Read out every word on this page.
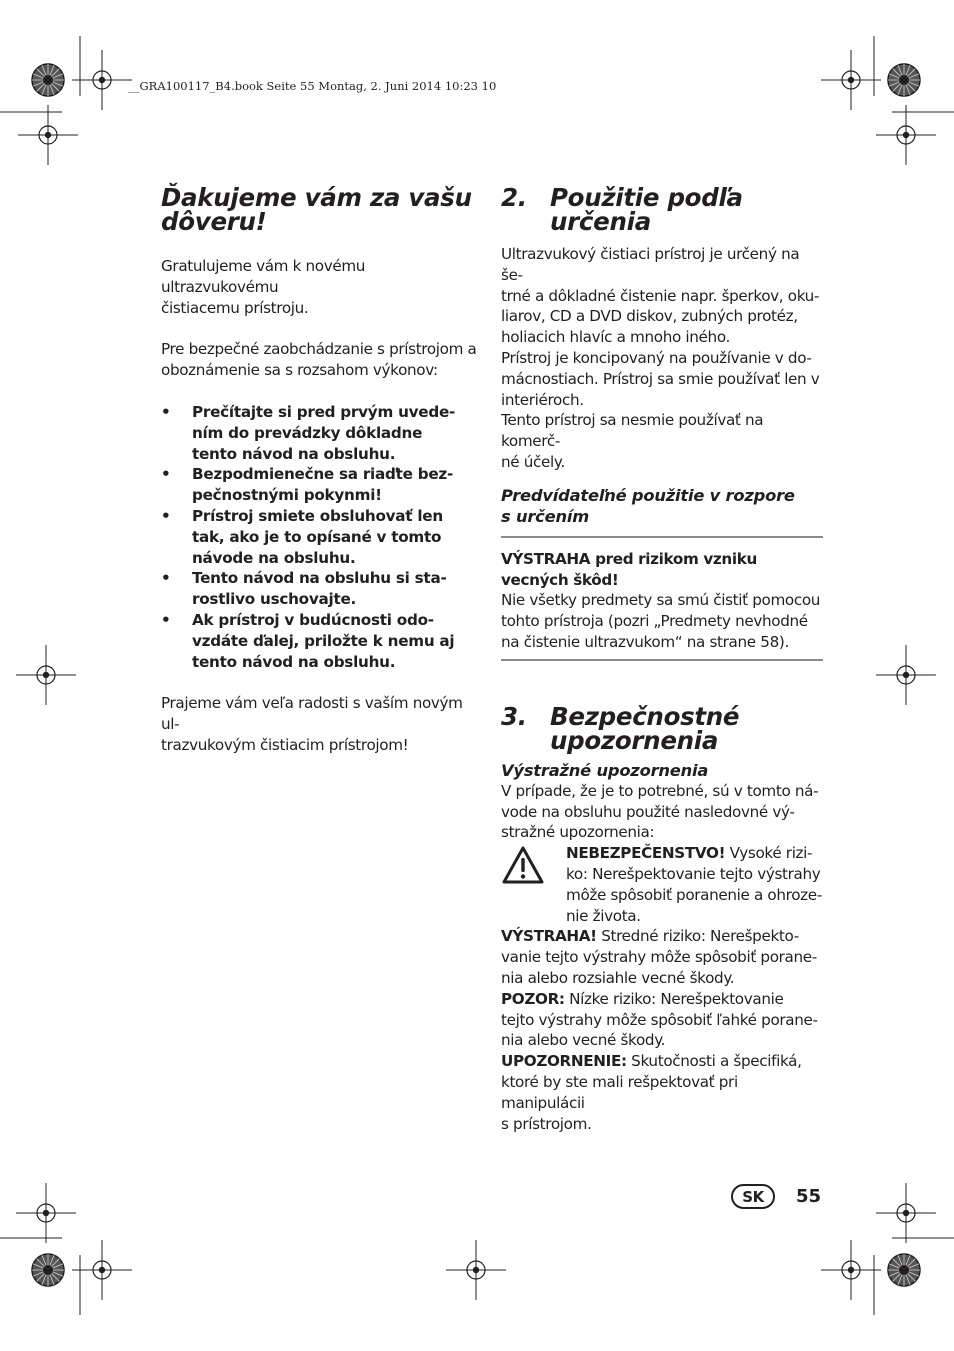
__GRA100117_B4.book Seite 55 Montag, 2. Juni 2014 10:23 10
Ďakujeme vám za vašu
dôveru!

Gratulujeme vám k novému ultrazvukovému
čistiacemu prístroju.

Pre bezpečné zaobchádzanie s prístrojom a
oboznámenie sa s rozsahom výkonov:

• Prečítajte si pred prvým uvede-
ním do prevádzky dôkladne
tento návod na obsluhu.
• Bezpodmienečne sa riaďte bez-
pečnostnými pokynmi!
• Prístroj smiete obsluhovať len
tak, ako je to opísané v tomto
návode na obsluhu.
• Tento návod na obsluhu si sta-
rostlivo uschovajte.
• Ak prístroj v budúcnosti odo-
vzdáte ďalej, priložte k nemu aj
tento návod na obsluhu.

Prajeme vám veľa radosti s vaším novým ul-
trazvukovým čistiacim prístrojom!

2. Použitie podľa
určenia

Ultrazvukový čistiaci prístroj je určený na še-
trné a dôkladné čistenie napr. šperkov, oku-
liarov, CD a DVD diskov, zubných protéz,
holiacich hlavíc a mnoho iného.
Prístroj je koncipovaný na používanie v do-
mácnostiach. Prístroj sa smie používať len v
interiéroch.
Tento prístroj sa nesmie používať na komerč-
né účely.

Predvídateľné použitie v rozpore
s určením

VÝSTRAHA pred rizikom vzniku
vecných škôd!

Nie všetky predmety sa smú čistiť pomocou
tohto prístroja (pozri „Predmety nevhodné
na čistenie ultrazvukom“ na strane 58).

3. Bezpečnostné
upozornenia
Výstražné upozornenia

V prípade, že je to potrebné, sú v tomto ná-
vode na obsluhu použité nasledovné vý-
stražné upozornenia:

NEBEZPEČENSTVO! Vysoké rizi-
ko: Nerešpektovanie tejto výstrahy
môže spôsobiť poranenie a ohroze-
nie života.

VÝSTRAHA! Stredné riziko: Nerešpekto-
vanie tejto výstrahy môže spôsobiť porane-
nia alebo rozsiahle vecné škody.

POZOR: Nízke riziko: Nerešpektovanie
tejto výstrahy môže spôsobiť ľahké porane-
nia alebo vecné škody.

UPOZORNENIE: Skutočnosti a špecifiká,
ktoré by ste mali rešpektovať pri manipulácii
s prístrojom.

SK	55
